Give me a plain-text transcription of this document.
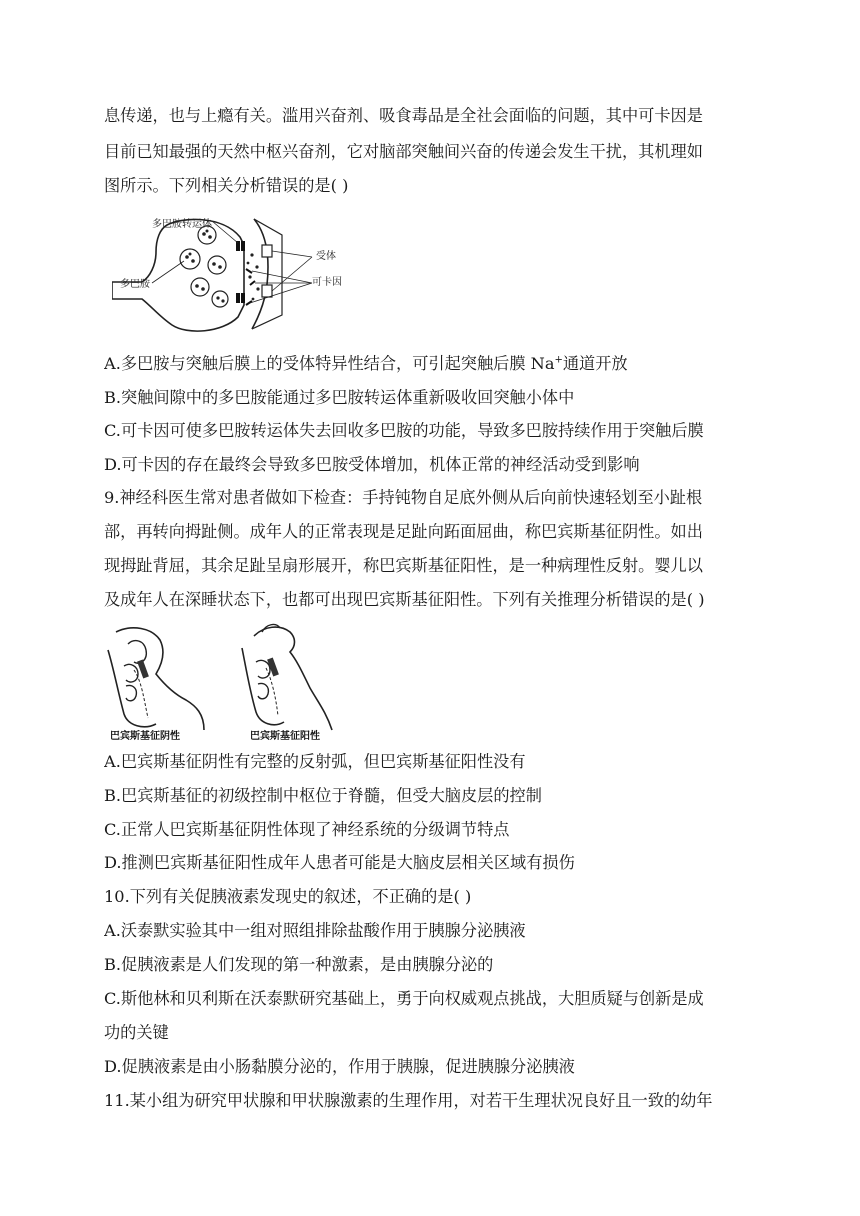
息传递，也与上瘾有关。滥用兴奋剂、吸食毒品是全社会面临的问题，其中可卡因是
目前已知最强的天然中枢兴奋剂，它对脑部突触间兴奋的传递会发生干扰，其机理如
图所示。下列相关分析错误的是( )
多巴胺转运体
多巴胺
受体
可卡因
A.多巴胺与突触后膜上的受体特异性结合，可引起突触后膜 Na+通道开放
B.突触间隙中的多巴胺能通过多巴胺转运体重新吸收回突触小体中
C.可卡因可使多巴胺转运体失去回收多巴胺的功能，导致多巴胺持续作用于突触后膜
D.可卡因的存在最终会导致多巴胺受体增加，机体正常的神经活动受到影响
9.神经科医生常对患者做如下检查：手持钝物自足底外侧从后向前快速轻划至小趾根
部，再转向拇趾侧。成年人的正常表现是足趾向跖面屈曲，称巴宾斯基征阴性。如出
现拇趾背屈，其余足趾呈扇形展开，称巴宾斯基征阳性，是一种病理性反射。婴儿以
及成年人在深睡状态下，也都可出现巴宾斯基征阳性。下列有关推理分析错误的是( )
巴宾斯基征阴性	巴宾斯基征阳性
A.巴宾斯基征阴性有完整的反射弧，但巴宾斯基征阳性没有
B.巴宾斯基征的初级控制中枢位于脊髓，但受大脑皮层的控制
C.正常人巴宾斯基征阴性体现了神经系统的分级调节特点
D.推测巴宾斯基征阳性成年人患者可能是大脑皮层相关区域有损伤
10.下列有关促胰液素发现史的叙述，不正确的是( )
A.沃泰默实验其中一组对照组排除盐酸作用于胰腺分泌胰液
B.促胰液素是人们发现的第一种激素，是由胰腺分泌的
C.斯他林和贝利斯在沃泰默研究基础上，勇于向权威观点挑战，大胆质疑与创新是成
功的关键
D.促胰液素是由小肠黏膜分泌的，作用于胰腺，促进胰腺分泌胰液
11.某小组为研究甲状腺和甲状腺激素的生理作用，对若干生理状况良好且一致的幼年
